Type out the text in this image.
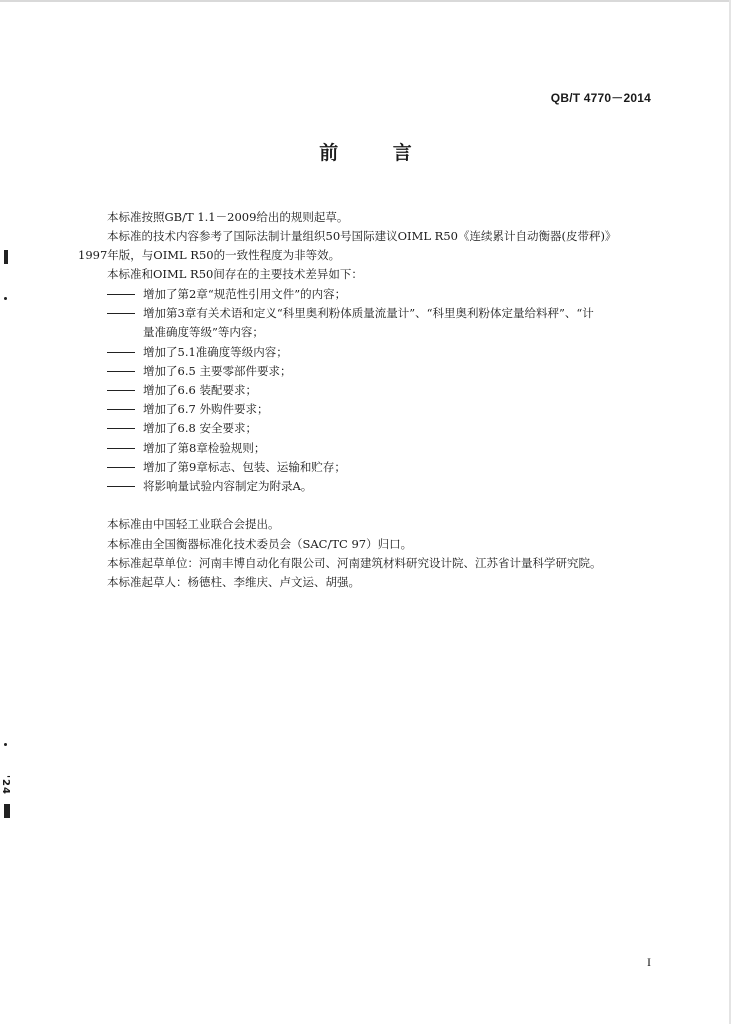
QB/T 4770－2014
前 言
本标准按照GB/T 1.1－2009给出的规则起草。
本标准的技术内容参考了国际法制计量组织50号国际建议OIML R50《连续累计自动衡器(皮带秤)》
1997年版，与OIML R50的一致性程度为非等效。
本标准和OIML R50间存在的主要技术差异如下：
增加了第2章“规范性引用文件”的内容；
增加第3章有关术语和定义“科里奥利粉体质量流量计”、“科里奥利粉体定量给料秤”、“计
量准确度等级”等内容；
增加了5.1准确度等级内容；
增加了6.5 主要零部件要求；
增加了6.6 装配要求；
增加了6.7 外购件要求；
增加了6.8 安全要求；
增加了第8章检验规则；
增加了第9章标志、包装、运输和贮存；
将影响量试验内容制定为附录A。
本标准由中国轻工业联合会提出。
本标准由全国衡器标准化技术委员会（SAC/TC 97）归口。
本标准起草单位：河南丰博自动化有限公司、河南建筑材料研究设计院、江苏省计量科学研究院。
本标准起草人：杨德柱、李维庆、卢文运、胡强。
'24
I
